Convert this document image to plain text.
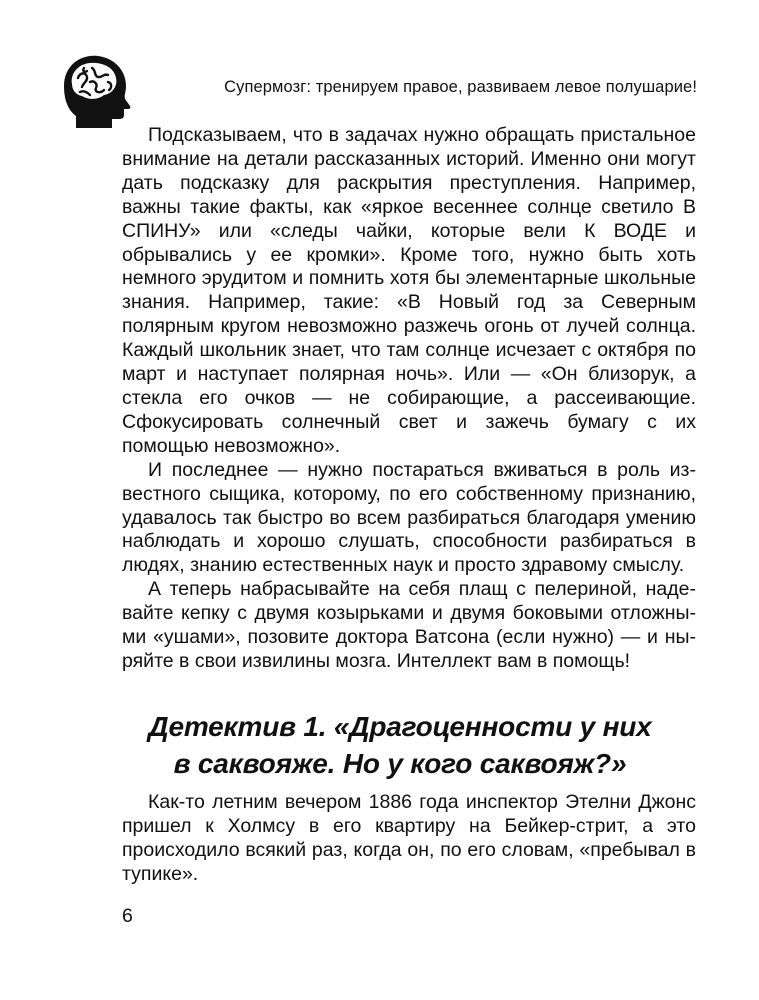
Супермозг: тренируем правое, развиваем левое полушарие!

Подсказываем, что в задачах нужно обращать пристальное внимание на детали рассказанных историй. Именно они могут дать подсказку для раскрытия преступления. Например, важны такие факты, как «яркое весеннее солнце светило В СПИНУ» или «следы чайки, которые вели К ВОДЕ и обрывались у ее кромки». Кроме того, нужно быть хоть немного эрудитом и помнить хотя бы элементарные школьные знания. Например, такие: «В Новый год за Северным полярным кругом невозможно разжечь огонь от лучей солнца. Каждый школьник знает, что там солнце исчезает с октября по март и наступает полярная ночь». Или — «Он близорук, а стекла его очков — не собирающие, а рассеивающие. Сфокусировать солнечный свет и зажечь бумагу с их помощью невозможно».

И последнее — нужно постараться вживаться в роль известного сыщика, которому, по его собственному признанию, удавалось так быстро во всем разбираться благодаря умению наблюдать и хорошо слушать, способности разбираться в людях, знанию естественных наук и просто здравому смыслу.

А теперь набрасывайте на себя плащ с пелериной, надевайте кепку с двумя козырьками и двумя боковыми отложными «ушами», позовите доктора Ватсона (если нужно) — и ныряйте в свои извилины мозга. Интеллект вам в помощь!

Детектив 1. «Драгоценности у них
в саквояже. Но у кого саквояж?»

Как-то летним вечером 1886 года инспектор Этелни Джонс пришел к Холмсу в его квартиру на Бейкер-стрит, а это происходило всякий раз, когда он, по его словам, «пребывал в тупике».

6
